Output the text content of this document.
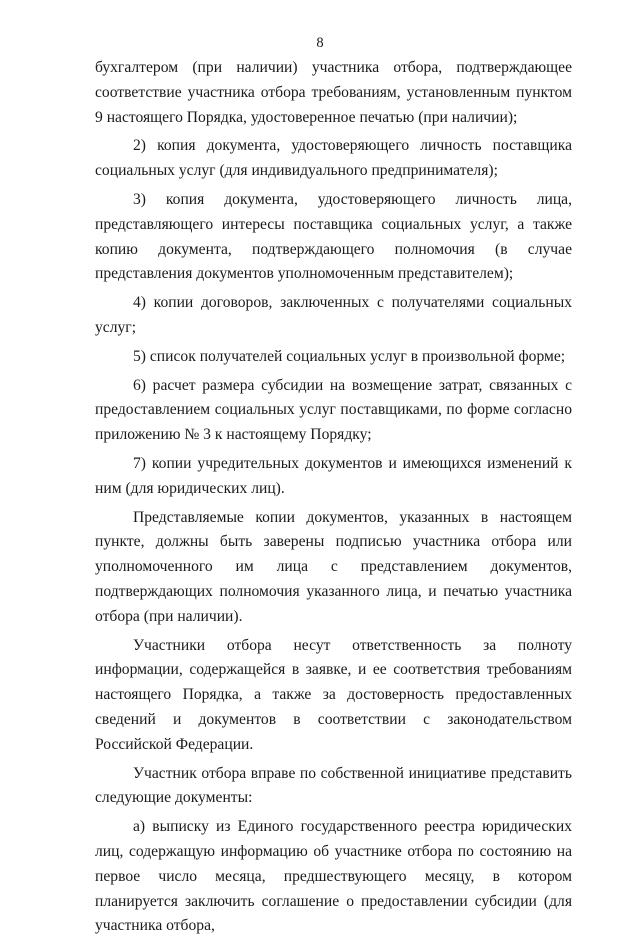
8

бухгалтером (при наличии) участника отбора, подтверждающее соответствие участника отбора требованиям, установленным пунктом 9 настоящего Порядка, удостоверенное печатью (при наличии);

2) копия документа, удостоверяющего личность поставщика социальных услуг (для индивидуального предпринимателя);

3) копия документа, удостоверяющего личность лица, представляющего интересы поставщика социальных услуг, а также копию документа, подтверждающего полномочия (в случае представления документов уполномоченным представителем);

4) копии договоров, заключенных с получателями социальных услуг;

5) список получателей социальных услуг в произвольной форме;

6) расчет размера субсидии на возмещение затрат, связанных с предоставлением социальных услуг поставщиками, по форме согласно приложению № 3 к настоящему Порядку;

7) копии учредительных документов и имеющихся изменений к ним (для юридических лиц).

Представляемые копии документов, указанных в настоящем пункте, должны быть заверены подписью участника отбора или уполномоченного им лица с представлением документов, подтверждающих полномочия указанного лица, и печатью участника отбора (при наличии).

Участники отбора несут ответственность за полноту информации, содержащейся в заявке, и ее соответствия требованиям настоящего Порядка, а также за достоверность предоставленных сведений и документов в соответствии с законодательством Российской Федерации.

Участник отбора вправе по собственной инициативе представить следующие документы:

а) выписку из Единого государственного реестра юридических лиц, содержащую информацию об участнике отбора по состоянию на первое число месяца, предшествующего месяцу, в котором планируется заключить соглашение о предоставлении субсидии (для участника отбора,
